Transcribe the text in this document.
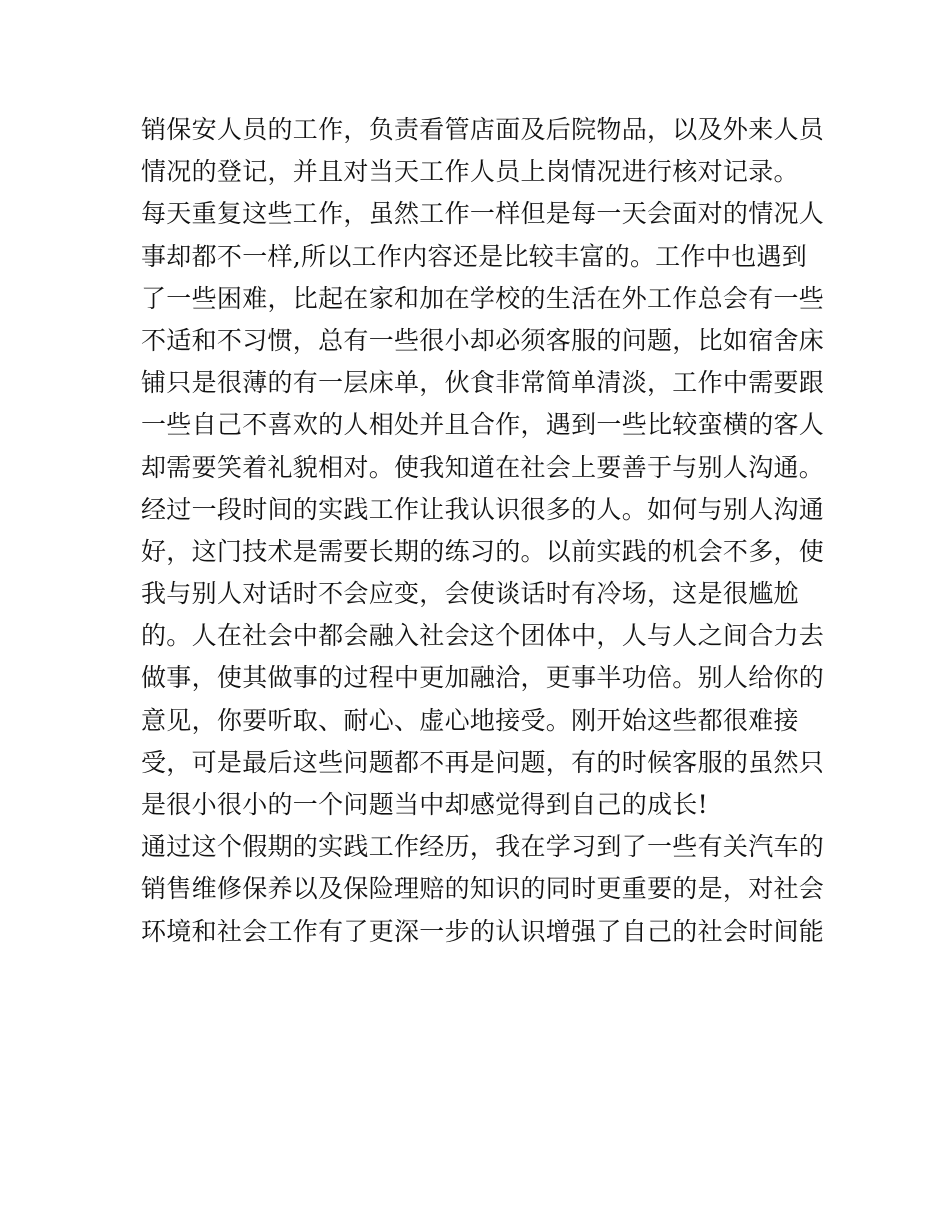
销保安人员的工作，负责看管店面及后院物品，以及外来人员
情况的登记，并且对当天工作人员上岗情况进行核对记录。
每天重复这些工作，虽然工作一样但是每一天会面对的情况人
事却都不一样,所以工作内容还是比较丰富的。工作中也遇到
了一些困难，比起在家和加在学校的生活在外工作总会有一些
不适和不习惯，总有一些很小却必须客服的问题，比如宿舍床
铺只是很薄的有一层床单，伙食非常简单清淡，工作中需要跟
一些自己不喜欢的人相处并且合作，遇到一些比较蛮横的客人
却需要笑着礼貌相对。使我知道在社会上要善于与别人沟通。
经过一段时间的实践工作让我认识很多的人。如何与别人沟通
好，这门技术是需要长期的练习的。以前实践的机会不多，使
我与别人对话时不会应变，会使谈话时有冷场，这是很尴尬
的。人在社会中都会融入社会这个团体中，人与人之间合力去
做事，使其做事的过程中更加融洽，更事半功倍。别人给你的
意见，你要听取、耐心、虚心地接受。刚开始这些都很难接
受，可是最后这些问题都不再是问题，有的时候客服的虽然只
是很小很小的一个问题当中却感觉得到自己的成长!
通过这个假期的实践工作经历，我在学习到了一些有关汽车的
销售维修保养以及保险理赔的知识的同时更重要的是，对社会
环境和社会工作有了更深一步的认识增强了自己的社会时间能
